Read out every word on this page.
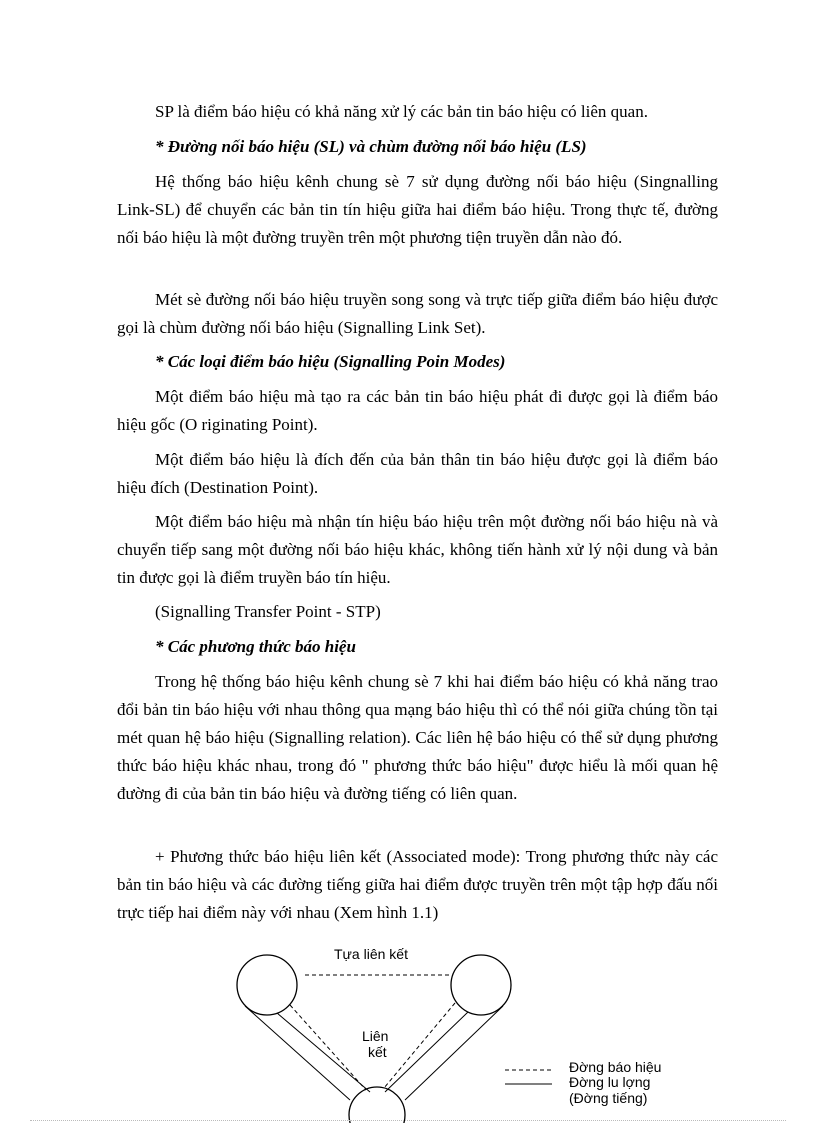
SP là điểm báo hiệu có khả năng xử lý các bản tin báo hiệu có liên quan.

* Đường nối báo hiệu (SL) và chùm đường nối báo hiệu (LS)

Hệ thống báo hiệu kênh chung sè 7 sử dụng đường nối báo hiệu (Singnalling Link-SL) để chuyển các bản tin tín hiệu giữa hai điểm báo hiệu. Trong thực tế, đường nối báo hiệu là một đường truyền trên một phương tiện truyền dẫn nào đó.

Mét sè đường nối báo hiệu truyền song song và trực tiếp giữa điểm báo hiệu được gọi là chùm đường nối báo hiệu (Signalling Link Set).

* Các loại điểm báo hiệu (Signalling Poin Modes)

Một điểm báo hiệu mà tạo ra các bản tin báo hiệu phát đi được gọi là điểm báo hiệu gốc (O riginating Point).

Một điểm báo hiệu là đích đến của bản thân tin báo hiệu được gọi là điểm báo hiệu đích (Destination Point).

Một điểm báo hiệu mà nhận tín hiệu báo hiệu trên một đường nối báo hiệu nà và chuyển tiếp sang một đường nối báo hiệu khác, không tiến hành xử lý nội dung và bản tin được gọi là điểm truyền báo tín hiệu.

(Signalling Transfer Point - STP)

* Các phương thức báo hiệu

Trong hệ thống báo hiệu kênh chung sè 7 khi hai điểm báo hiệu có khả năng trao đổi bản tin báo hiệu với nhau thông qua mạng báo hiệu thì có thể nói giữa chúng tồn tại mét quan hệ báo hiệu (Signalling relation). Các liên hệ báo hiệu có thể sử dụng phương thức báo hiệu khác nhau, trong đó " phương thức báo hiệu" được hiểu là mối quan hệ đường đi của bản tin báo hiệu và đường tiếng có liên quan.

+ Phương thức báo hiệu liên kết (Associated mode): Trong phương thức này các bản tin báo hiệu và các đường tiếng giữa hai điểm được truyền trên một tập hợp đấu nối trực tiếp hai điểm này với nhau (Xem hình 1.1)

Tựa liên kết
Liên
kết
Đờng báo hiệu
Đờng lu lợng
(Đờng tiếng)
